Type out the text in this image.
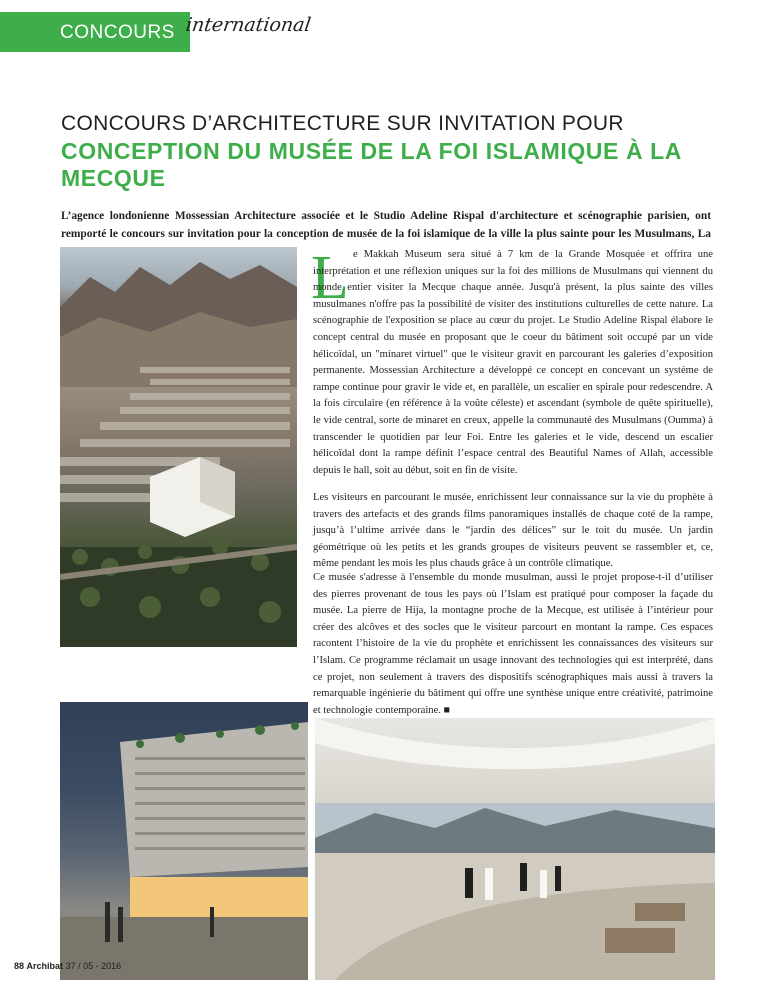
CONCOURS international
CONCOURS D’ARCHITECTURE SUR INVITATION POUR
CONCEPTION DU MUSÉE DE LA FOI ISLAMIQUE À LA MECQUE
L’agence londonienne Mossessian Architecture associée et le Studio Adeline Rispal d'architecture et scénographie parisien, ont remporté le concours sur invitation pour la conception de musée de la foi islamique de la ville la plus sainte pour les Musulmans, La
L e Makkah Museum sera situé à 7 km de la Grande Mosquée et offrira une interprétation et une réflexion uniques sur la foi des millions de Musulmans qui viennent du monde entier visiter la Mecque chaque année. Jusqu'à présent, la plus sainte des villes musulmanes n'offre pas la possibilité de visiter des institutions culturelles de cette nature. La scénographie de l'exposition se place au cœur du projet. Le Studio Adeline Rispal élabore le concept central du musée en proposant que le coeur du bâtiment soit occupé par un vide hélicoïdal, un "minaret virtuel" que le visiteur gravit en parcourant les galeries d’exposition permanente. Mossessian Architecture a développé ce concept en concevant un système de rampe continue pour gravir le vide et, en parallèle, un escalier en spirale pour redescendre. A la fois circulaire (en référence à la voûte céleste) et ascendant (symbole de quête spirituelle), le vide central, sorte de minaret en creux, appelle la communauté des Musulmans (Oumma) à transcender le quotidien par leur Foi. Entre les galeries et le vide, descend un escalier hélicoïdal dont la rampe définit l’espace central des Beautiful Names of Allah, accessible depuis le hall, soit au début, soit en fin de visite.

Les visiteurs en parcourant le musée, enrichissent leur connaissance sur la vie du prophète à travers des artefacts et des grands films panoramiques installés de chaque coté de la rampe, jusqu’à l’ultime arrivée dans le “jardin des délices” sur le toit du musée. Un jardin géométrique où les petits et les grands groupes de visiteurs peuvent se rassembler et, ce, même pendant les mois les plus chauds grâce à un contrôle climatique.

Ce musée s'adresse à l'ensemble du monde musulman, aussi le projet propose-t-il d’utiliser des pierres provenant de tous les pays où l’Islam est pratiqué pour composer la façade du musée. La pierre de Hija, la montagne proche de la Mecque, est utilisée à l’intérieur pour créer des alcôves et des socles que le visiteur parcourt en montant la rampe. Ces espaces racontent l’histoire de la vie du prophète et enrichissent les connaissances des visiteurs sur l’Islam. Ce programme réclamait un usage innovant des technologies qui est interprété, dans ce projet, non seulement à travers des dispositifs scénographiques mais aussi à travers la remarquable ingénierie du bâtiment qui offre une synthèse unique entre créativité, patrimoine et technologie contemporaine. ■

88 Archibat 37 / 05 - 2016
